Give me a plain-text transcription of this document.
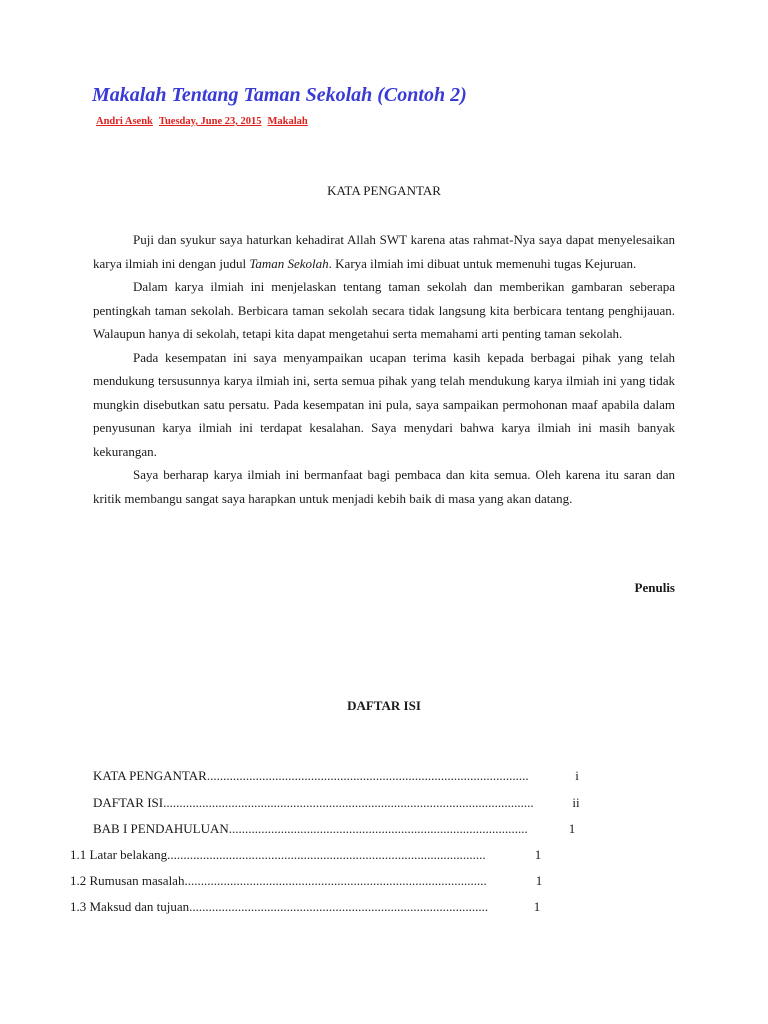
Makalah Tentang Taman Sekolah (Contoh 2)
Andri Asenk Tuesday, June 23, 2015 Makalah
KATA PENGANTAR

Puji dan syukur saya haturkan kehadirat Allah SWT karena atas rahmat-Nya saya dapat menyelesaikan karya ilmiah ini dengan judul Taman Sekolah. Karya ilmiah imi dibuat untuk memenuhi tugas Kejuruan.

Dalam karya ilmiah ini menjelaskan tentang taman sekolah dan memberikan gambaran seberapa pentingkah taman sekolah. Berbicara taman sekolah secara tidak langsung kita berbicara tentang penghijauan. Walaupun hanya di sekolah, tetapi kita dapat mengetahui serta memahami arti penting taman sekolah.

Pada kesempatan ini saya menyampaikan ucapan terima kasih kepada berbagai pihak yang telah mendukung tersusunnya karya ilmiah ini, serta semua pihak yang telah mendukung karya ilmiah ini yang tidak mungkin disebutkan satu persatu. Pada kesempatan ini pula, saya sampaikan permohonan maaf apabila dalam penyusunan karya ilmiah ini terdapat kesalahan. Saya menydari bahwa karya ilmiah ini masih banyak kekurangan.

Saya berharap karya ilmiah ini bermanfaat bagi pembaca dan kita semua. Oleh karena itu saran dan kritik membangu sangat saya harapkan untuk menjadi kebih baik di masa yang akan datang.

Penulis
DAFTAR ISI
KATA PENGANTAR...................................................................................................	i
DAFTAR ISI..................................................................................................................	ii
BAB I PENDAHULUAN............................................................................................	1
1.1 Latar belakang..................................................................................................	1
1.2 Rumusan masalah.............................................................................................	1
1.3 Maksud dan tujuan............................................................................................	1
